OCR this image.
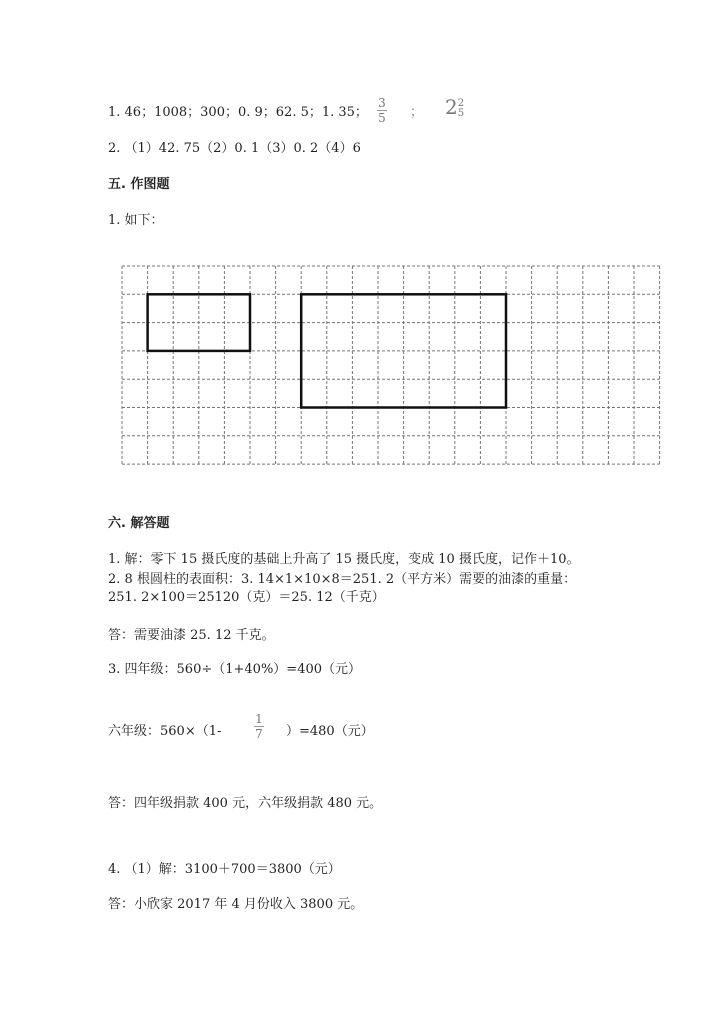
1. 46；1008；300；0. 9；62. 5；1. 35；
3
5 ； 2 2
5
2. （1）42. 75（2）0. 1（3）0. 2（4）6
五. 作图题
1. 如下：
六. 解答题
1. 解：零下 15 摄氏度的基础上升高了 15 摄氏度，变成 10 摄氏度，记作＋10。
2. 8 根圆柱的表面积：3. 14×1×10×8＝251. 2（平方米）需要的油漆的重量：
251. 2×100＝25120（克）＝25. 12（千克）
答：需要油漆 25. 12 千克。
3. 四年级：560÷（1+40%）=400（元）
六年级：560×（1-
1
7 ）=480（元）
答：四年级捐款 400 元，六年级捐款 480 元。
4. （1）解：3100＋700＝3800（元）
答：小欣家 2017 年 4 月份收入 3800 元。
